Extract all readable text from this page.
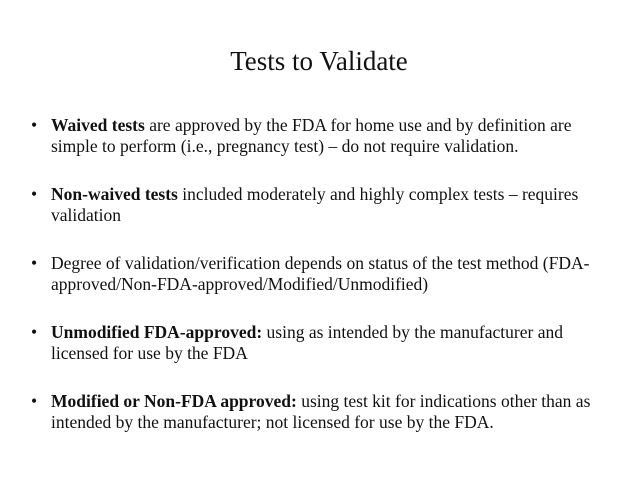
Tests to Validate
• Waived tests are approved by the FDA for home use and by definition are simple to perform (i.e., pregnancy test) – do not require validation.
• Non-waived tests included moderately and highly complex tests – requires validation
• Degree of validation/verification depends on status of the test method (FDA-approved/Non-FDA-approved/Modified/Unmodified)
• Unmodified FDA-approved: using as intended by the manufacturer and licensed for use by the FDA
• Modified or Non-FDA approved: using test kit for indications other than as intended by the manufacturer; not licensed for use by the FDA.
